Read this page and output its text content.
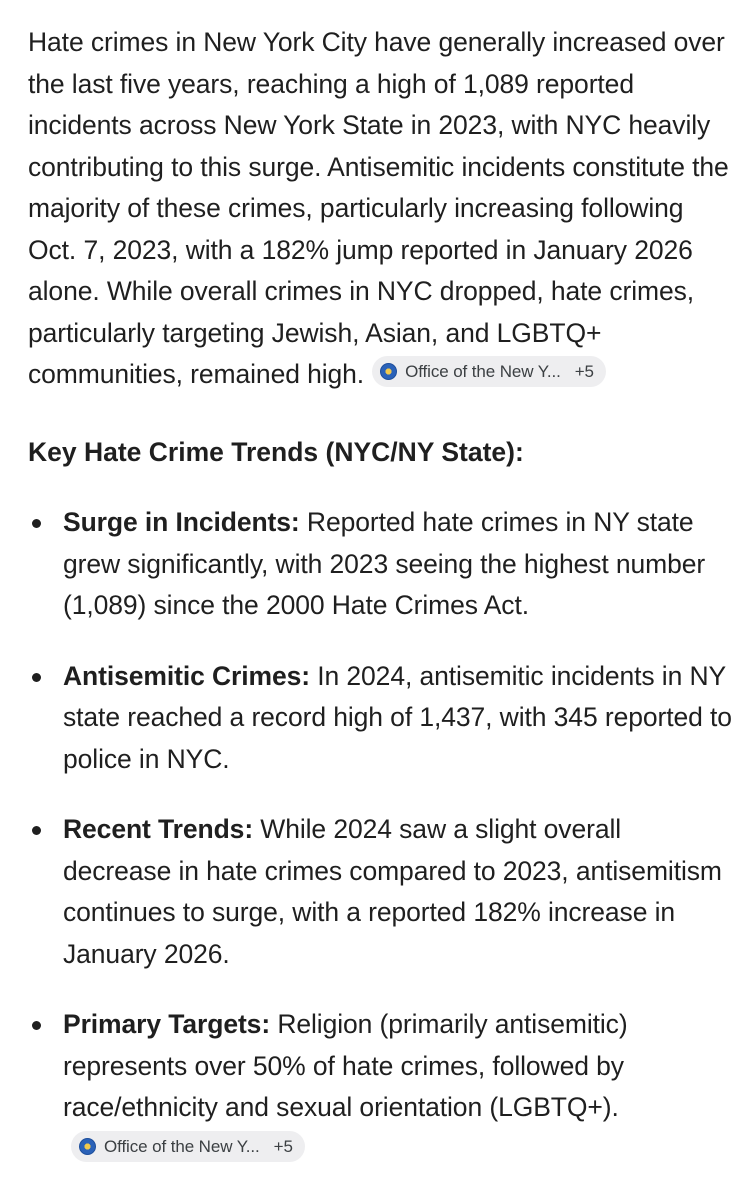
Hate crimes in New York City have generally increased over the last five years, reaching a high of 1,089 reported incidents across New York State in 2023, with NYC heavily contributing to this surge. Antisemitic incidents constitute the majority of these crimes, particularly increasing following Oct. 7, 2023, with a 182% jump reported in January 2026 alone. While overall crimes in NYC dropped, hate crimes, particularly targeting Jewish, Asian, and LGBTQ+ communities, remained high. Office of the New Y... +5

Key Hate Crime Trends (NYC/NY State):
Surge in Incidents: Reported hate crimes in NY state grew significantly, with 2023 seeing the highest number (1,089) since the 2000 Hate Crimes Act.
Antisemitic Crimes: In 2024, antisemitic incidents in NY state reached a record high of 1,437, with 345 reported to police in NYC.
Recent Trends: While 2024 saw a slight overall decrease in hate crimes compared to 2023, antisemitism continues to surge, with a reported 182% increase in January 2026.
Primary Targets: Religion (primarily antisemitic) represents over 50% of hate crimes, followed by race/ethnicity and sexual orientation (LGBTQ+).
Office of the New Y... +5
